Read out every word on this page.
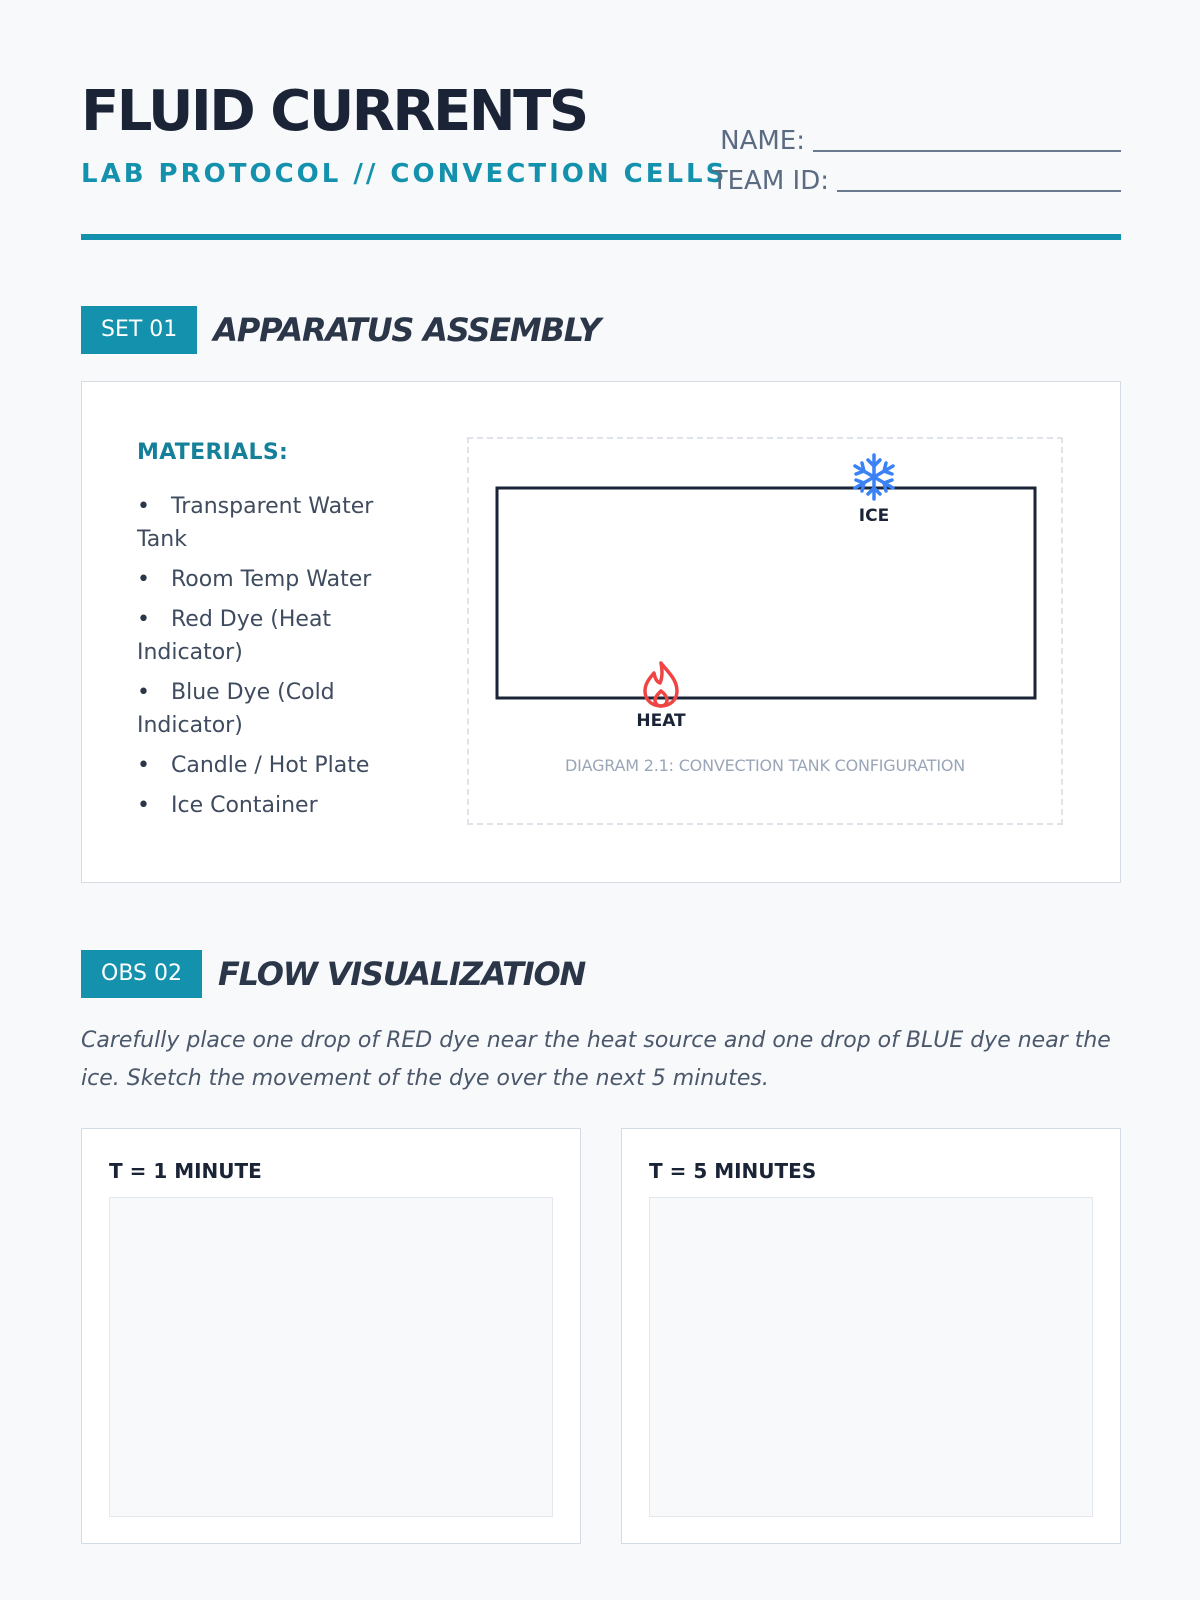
FLUID CURRENTS
LAB PROTOCOL // CONVECTION CELLS
NAME:
TEAM ID:
SET 01	APPARATUS ASSEMBLY
MATERIALS:
• Transparent Water Tank
• Room Temp Water
• Red Dye (Heat Indicator)
• Blue Dye (Cold Indicator)
• Candle / Hot Plate
• Ice Container
ICE
HEAT
DIAGRAM 2.1: CONVECTION TANK CONFIGURATION
OBS 02	FLOW VISUALIZATION

Carefully place one drop of RED dye near the heat source and one drop of BLUE dye near the ice. Sketch the movement of the dye over the next 5 minutes.

T = 1 MINUTE	T = 5 MINUTES
